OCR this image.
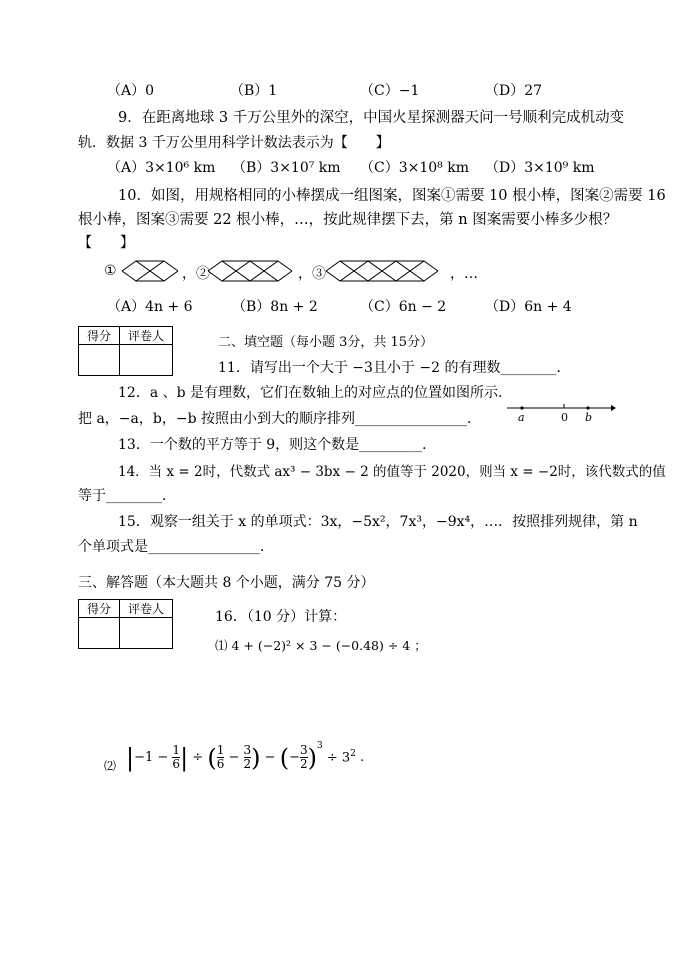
（A）0	（B）1	（C）−1	（D）27
9．在距离地球 3 千万公里外的深空，中国火星探测器天问一号顺利完成机动变
轨．数据 3 千万公里用科学计数法表示为【　　】
（A）3×10⁶ km （B）3×10⁷ km （C）3×10⁸ km （D）3×10⁹ km
10．如图，用规格相同的小棒摆成一组图案，图案①需要 10 根小棒，图案②需要 16
根小棒，图案③需要 22 根小棒，…，按此规律摆下去，第 n 图案需要小棒多少根？
【　　】
①	，②	，③	，…
（A）4n + 6	（B）8n + 2	（C）6n − 2	（D）6n + 4
得分	评卷人
		二、填空题（每小题 3分，共 15分）
11．请写出一个大于 −3且小于 −2 的有理数________．
12．a 、b 是有理数，它们在数轴上的对应点的位置如图所示．
把 a，−a，b，−b 按照由小到大的顺序排列________________．	a	0 b
13．一个数的平方等于 9，则这个数是_________．
14．当 x = 2时，代数式 ax³ − 3bx − 2 的值等于 2020，则当 x = −2时，该代数式的值
等于________．
15．观察一组关于 x 的单项式：3x，−5x²，7x³，−9x⁴，…．按照排列规律，第 n
个单项式是________________．
三、解答题（本大题共 8 个小题，满分 75 分）
得分	评卷人
		16．（10 分）计算：
⑴ 4 + (−2)² × 3 − (−0.48) ÷ 4 ；
⑵ | $-1 - \frac{1}{6}$ | ÷ ( $\frac{1}{6} - \frac{3}{2}$ ) − ( − $\frac{3}{2} )^3$
÷ $3^2$ .
